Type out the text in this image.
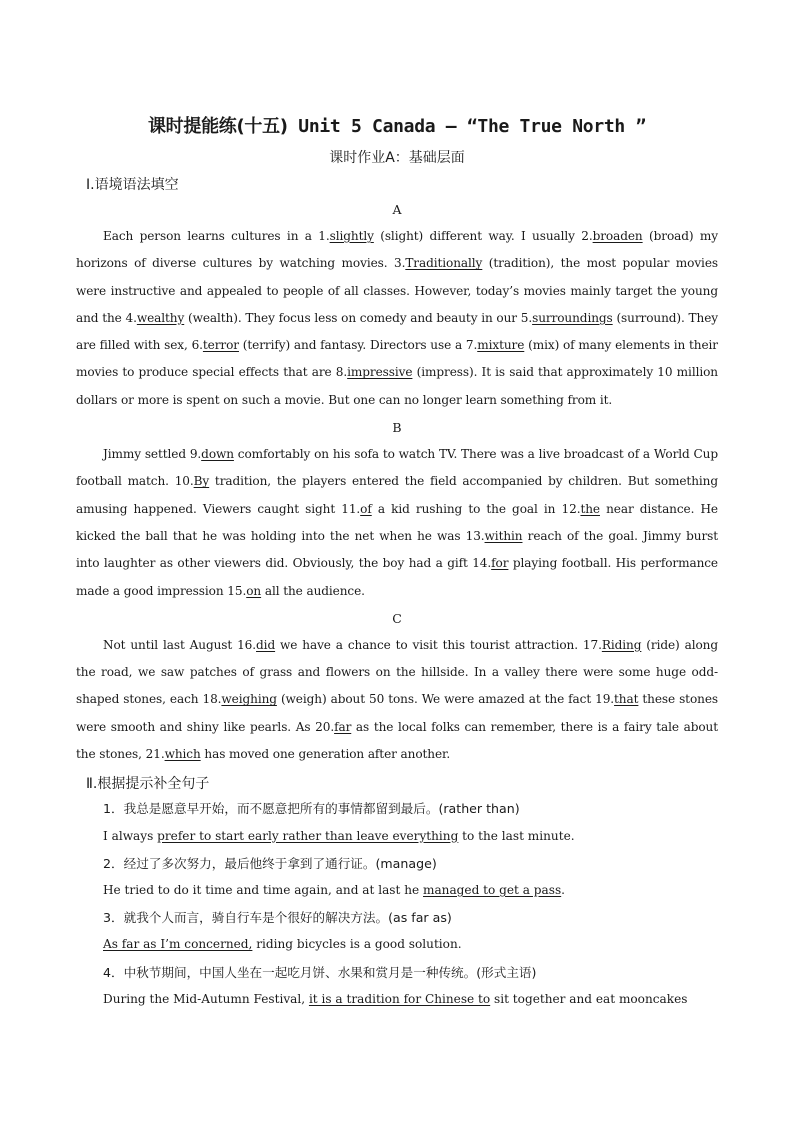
课时提能练(十五) Unit 5 Canada — “The True North ”
课时作业A：基础层面
Ⅰ.语境语法填空
A

Each person learns cultures in a 1.slightly (slight) different way. I usually 2.broaden (broad) my horizons of diverse cultures by watching movies. 3.Traditionally (tradition), the most popular movies were instructive and appealed to people of all classes. However, today’s movies mainly target the young and the 4.wealthy (wealth). They focus less on comedy and beauty in our 5.surroundings (surround). They are filled with sex, 6.terror (terrify) and fantasy. Directors use a 7.mixture (mix) of many elements in their movies to produce special effects that are 8.impressive (impress). It is said that approximately 10 million dollars or more is spent on such a movie. But one can no longer learn something from it.

B

Jimmy settled 9.down comfortably on his sofa to watch TV. There was a live broadcast of a World Cup football match. 10.By tradition, the players entered the field accompanied by children. But something amusing happened. Viewers caught sight 11.of a kid rushing to the goal in 12.the near distance. He kicked the ball that he was holding into the net when he was 13.within reach of the goal. Jimmy burst into laughter as other viewers did. Obviously, the boy had a gift 14.for playing football. His performance made a good impression 15.on all the audience.

C

Not until last August 16.did we have a chance to visit this tourist attraction. 17.Riding (ride) along the road, we saw patches of grass and flowers on the hillside. In a valley there were some huge odd-shaped stones, each 18.weighing (weigh) about 50 tons. We were amazed at the fact 19.that these stones were smooth and shiny like pearls. As 20.far as the local folks can remember, there is a fairy tale about the stones, 21.which has moved one generation after another.

Ⅱ.根据提示补全句子
1．我总是愿意早开始，而不愿意把所有的事情都留到最后。(rather than)
I always prefer to start early rather than leave everything to the last minute.
2．经过了多次努力，最后他终于拿到了通行证。(manage)
He tried to do it time and time again, and at last he managed to get a pass.
3．就我个人而言，骑自行车是个很好的解决方法。(as far as)
As far as I’m concerned, riding bicycles is a good solution.
4．中秋节期间，中国人坐在一起吃月饼、水果和赏月是一种传统。(形式主语)
During the Mid-Autumn Festival, it is a tradition for Chinese to sit together and eat mooncakes
